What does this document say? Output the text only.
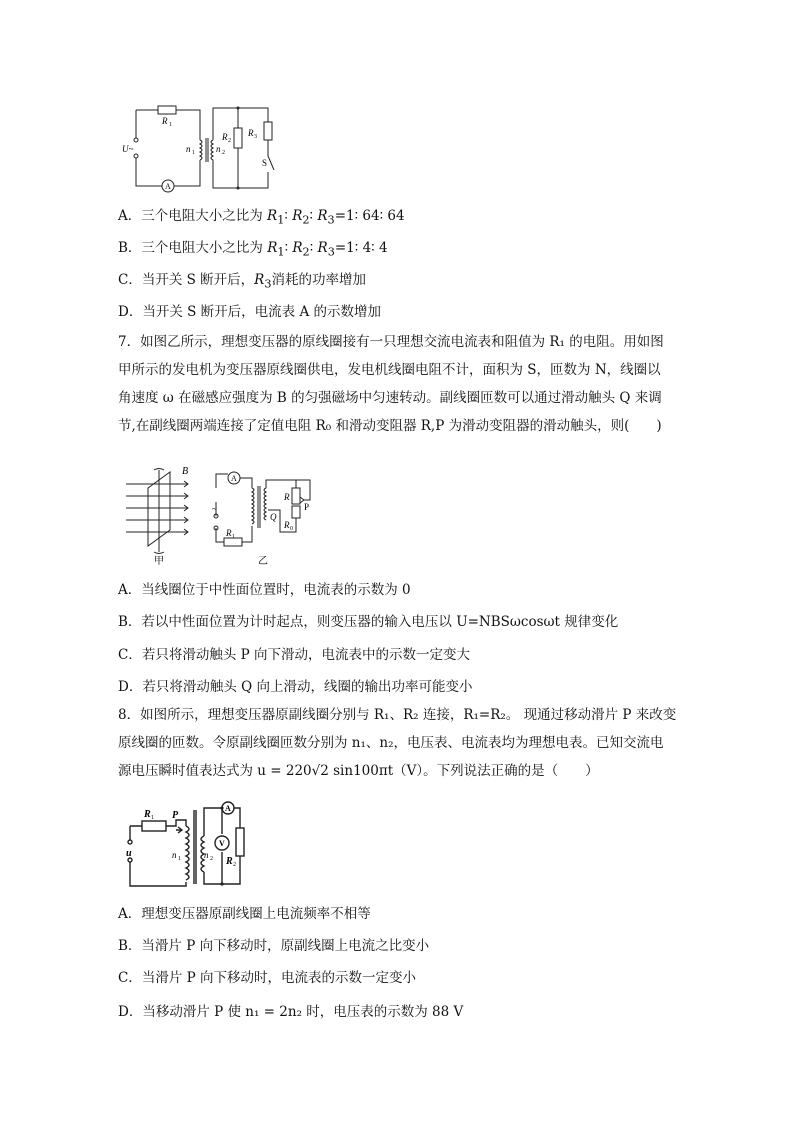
R 1
U~
A
n 1 n 2
R 2
R 3
S
A．三个电阻大小之比为 $R_1∶$ $R_2∶$ $R_3=1∶$ 64∶ 64
B．三个电阻大小之比为 $R_1∶$ $R_2∶$ $R_3=1∶$ 4∶ 4
C．当开关 S 断开后，$R_3$消耗的功率增加
D．当开关 S 断开后，电流表 A 的示数增加
7．如图乙所示，理想变压器的原线圈接有一只理想交流电流表和阻值为 R₁ 的电阻。用如图
甲所示的发电机为变压器原线圈供电，发电机线圈电阻不计，面积为 S，匝数为 N，线圈以
角速度 ω 在磁感应强度为 B 的匀强磁场中匀速转动。副线圈匝数可以通过滑动触头 Q 来调
节,在副线圈两端连接了定值电阻 R₀ 和滑动变阻器 R,P 为滑动变阻器的滑动触头，则(　　)
B
A
~
R 1
R
P
Q
R 0
甲	乙
A．当线圈位于中性面位置时，电流表的示数为 0
B．若以中性面位置为计时起点，则变压器的输入电压以 U=NBSωcosωt 规律变化
C．若只将滑动触头 P 向下滑动，电流表中的示数一定变大
D．若只将滑动触头 Q 向上滑动，线圈的输出功率可能变小
8．如图所示，理想变压器原副线圈分别与 R₁、R₂ 连接，R₁=R₂。 现通过移动滑片 P 来改变
原线圈的匝数。令原副线圈匝数分别为 n₁、n₂，电压表、电流表均为理想电表。已知交流电
源电压瞬时值表达式为 u = 220√2 sin100πt（V）。下列说法正确的是（　　）
R 1 P
u	n 1	n 2
A
V
R 2
A．理想变压器原副线圈上电流频率不相等
B．当滑片 P 向下移动时，原副线圈上电流之比变小
C．当滑片 P 向下移动时，电流表的示数一定变小
D．当移动滑片 P 使 n₁ = 2n₂ 时，电压表的示数为 88 V
